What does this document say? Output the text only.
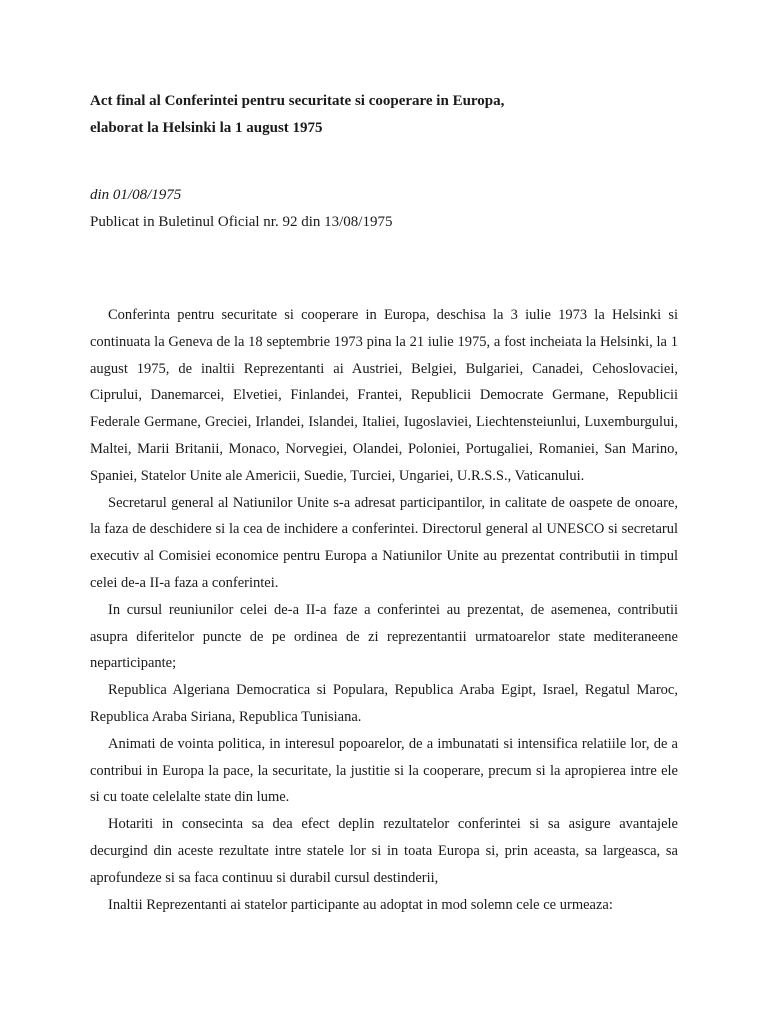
Act final al Conferintei pentru securitate si cooperare in Europa,

elaborat la Helsinki la 1 august 1975

din 01/08/1975
Publicat in Buletinul Oficial nr. 92 din 13/08/1975

Conferinta pentru securitate si cooperare in Europa, deschisa la 3 iulie 1973 la Helsinki si continuata la Geneva de la 18 septembrie 1973 pina la 21 iulie 1975, a fost incheiata la Helsinki, la 1 august 1975, de inaltii Reprezentanti ai Austriei, Belgiei, Bulgariei, Canadei, Cehoslovaciei, Ciprului, Danemarcei, Elvetiei, Finlandei, Frantei, Republicii Democrate Germane, Republicii Federale Germane, Greciei, Irlandei, Islandei, Italiei, Iugoslaviei, Liechtensteiunlui, Luxemburgului, Maltei, Marii Britanii, Monaco, Norvegiei, Olandei, Poloniei, Portugaliei, Romaniei, San Marino, Spaniei, Statelor Unite ale Americii, Suedie, Turciei, Ungariei, U.R.S.S., Vaticanului.

Secretarul general al Natiunilor Unite s-a adresat participantilor, in calitate de oaspete de onoare, la faza de deschidere si la cea de inchidere a conferintei. Directorul general al UNESCO si secretarul executiv al Comisiei economice pentru Europa a Natiunilor Unite au prezentat contributii in timpul celei de-a II-a faza a conferintei.

In cursul reuniunilor celei de-a II-a faze a conferintei au prezentat, de asemenea, contributii asupra diferitelor puncte de pe ordinea de zi reprezentantii urmatoarelor state mediteraneene neparticipante;

Republica Algeriana Democratica si Populara, Republica Araba Egipt, Israel, Regatul Maroc, Republica Araba Siriana, Republica Tunisiana.

Animati de vointa politica, in interesul popoarelor, de a imbunatati si intensifica relatiile lor, de a contribui in Europa la pace, la securitate, la justitie si la cooperare, precum si la apropierea intre ele si cu toate celelalte state din lume.

Hotariti in consecinta sa dea efect deplin rezultatelor conferintei si sa asigure avantajele decurgind din aceste rezultate intre statele lor si in toata Europa si, prin aceasta, sa largeasca, sa aprofundeze si sa faca continuu si durabil cursul destinderii,

Inaltii Reprezentanti ai statelor participante au adoptat in mod solemn cele ce urmeaza:
